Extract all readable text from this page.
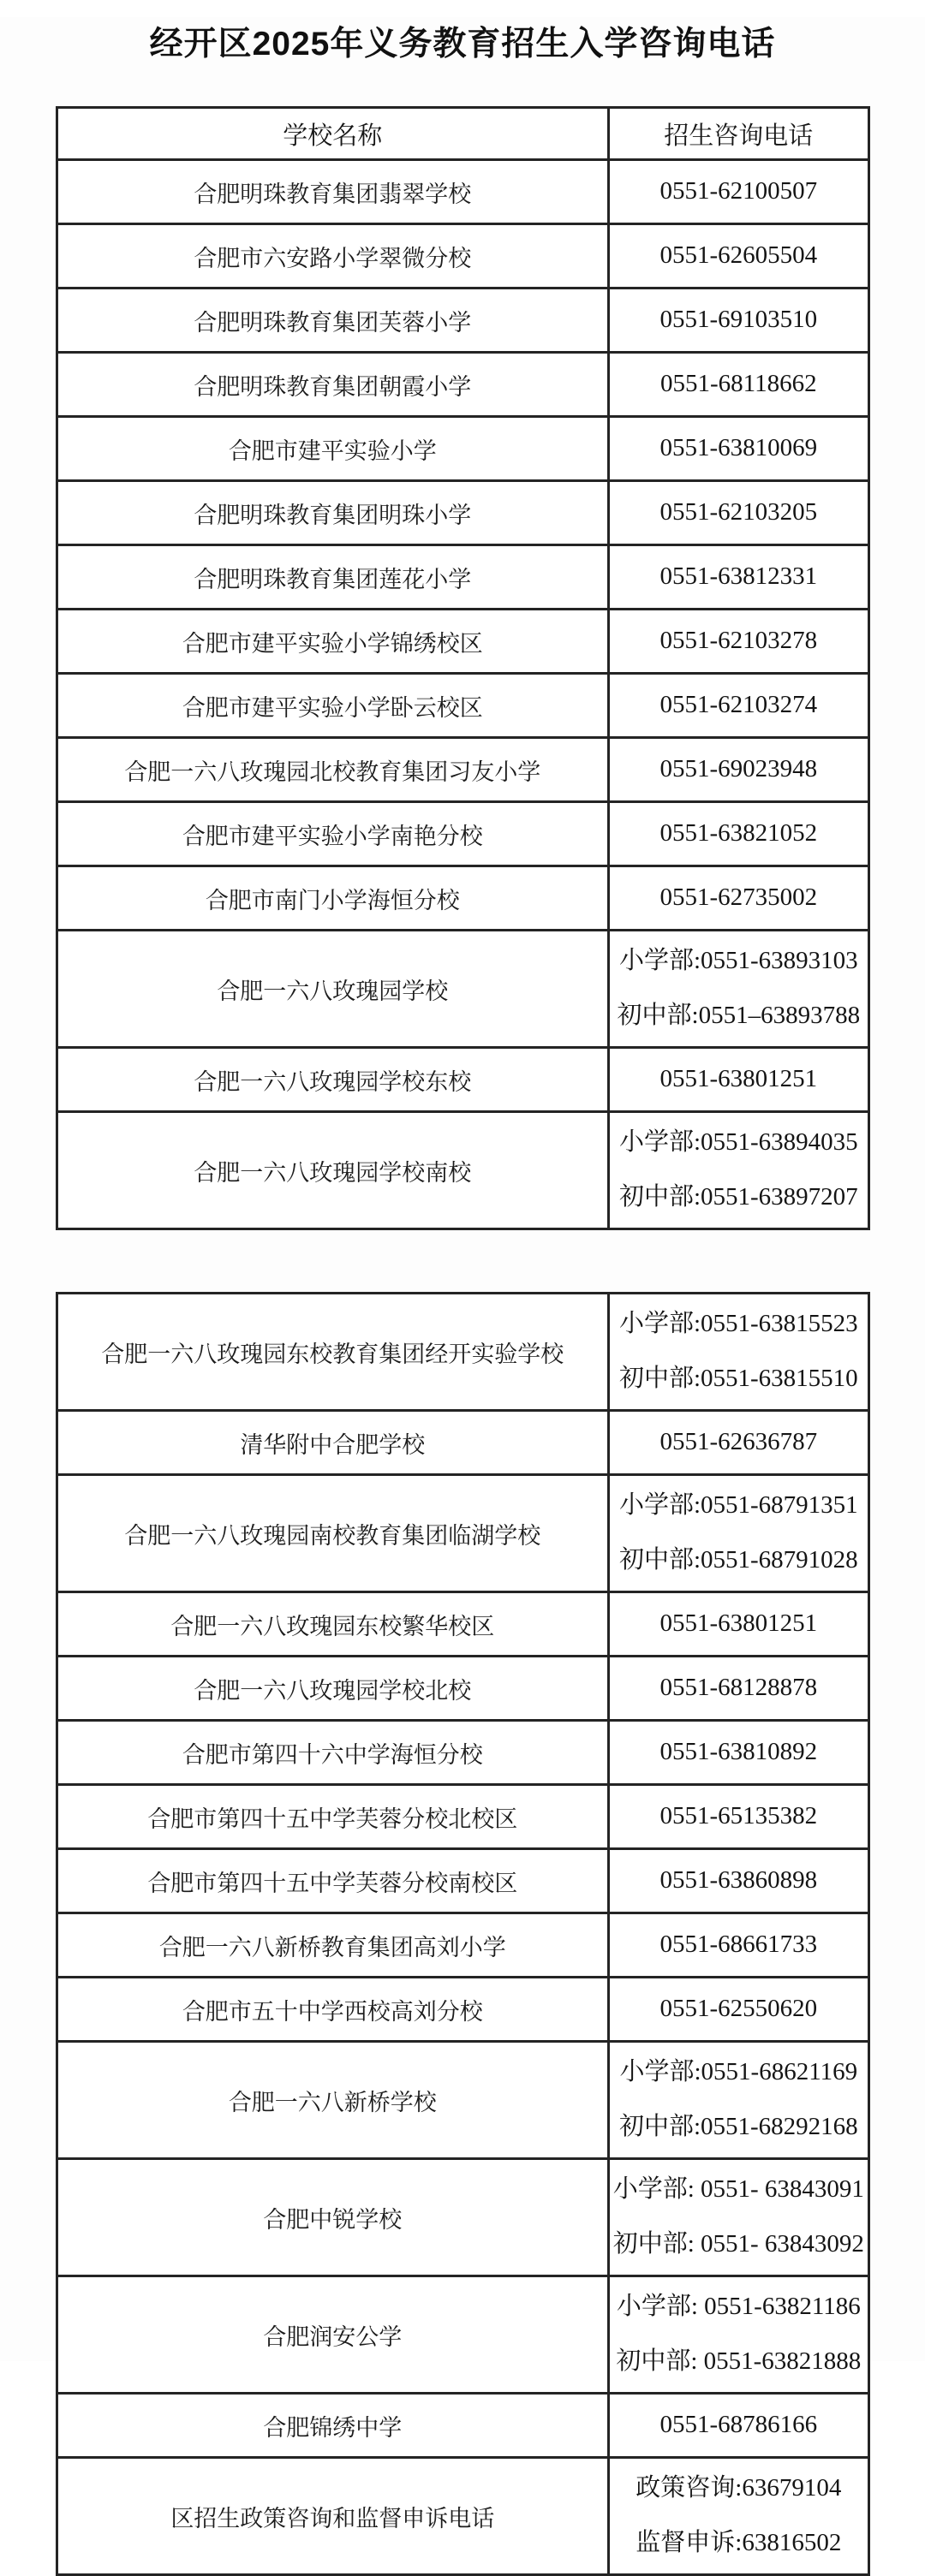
经开区2025年义务教育招生入学咨询电话
学校名称	招生咨询电话
合肥明珠教育集团翡翠学校	0551-62100507

合肥市六安路小学翠微分校	0551-62605504

合肥明珠教育集团芙蓉小学	0551-69103510

合肥明珠教育集团朝霞小学	0551-68118662

合肥市建平实验小学	0551-63810069

合肥明珠教育集团明珠小学	0551-62103205

合肥明珠教育集团莲花小学	0551-63812331

合肥市建平实验小学锦绣校区	0551-62103278

合肥市建平实验小学卧云校区	0551-62103274

合肥一六八玫瑰园北校教育集团习友小学	0551-69023948

合肥市建平实验小学南艳分校	0551-63821052

合肥市南门小学海恒分校	0551-62735002

合肥一六八玫瑰园学校	小学部:0551-63893103
初中部:0551–63893788

合肥一六八玫瑰园学校东校	0551-63801251

合肥一六八玫瑰园学校南校	小学部:0551-63894035
初中部:0551-63897207
合肥一六八玫瑰园东校教育集团经开实验学校	小学部:0551-63815523
初中部:0551-63815510

清华附中合肥学校	0551-62636787

合肥一六八玫瑰园南校教育集团临湖学校	小学部:0551-68791351
初中部:0551-68791028

合肥一六八玫瑰园东校繁华校区	0551-63801251

合肥一六八玫瑰园学校北校	0551-68128878

合肥市第四十六中学海恒分校	0551-63810892

合肥市第四十五中学芙蓉分校北校区	0551-65135382

合肥市第四十五中学芙蓉分校南校区	0551-63860898

合肥一六八新桥教育集团高刘小学	0551-68661733

合肥市五十中学西校高刘分校	0551-62550620

合肥一六八新桥学校	小学部:0551-68621169
初中部:0551-68292168

合肥中锐学校	小学部: 0551- 63843091
初中部: 0551- 63843092

合肥润安公学	小学部: 0551-63821186
初中部: 0551-63821888

合肥锦绣中学	0551-68786166

区招生政策咨询和监督申诉电话	政策咨询:63679104
监督申诉:63816502
